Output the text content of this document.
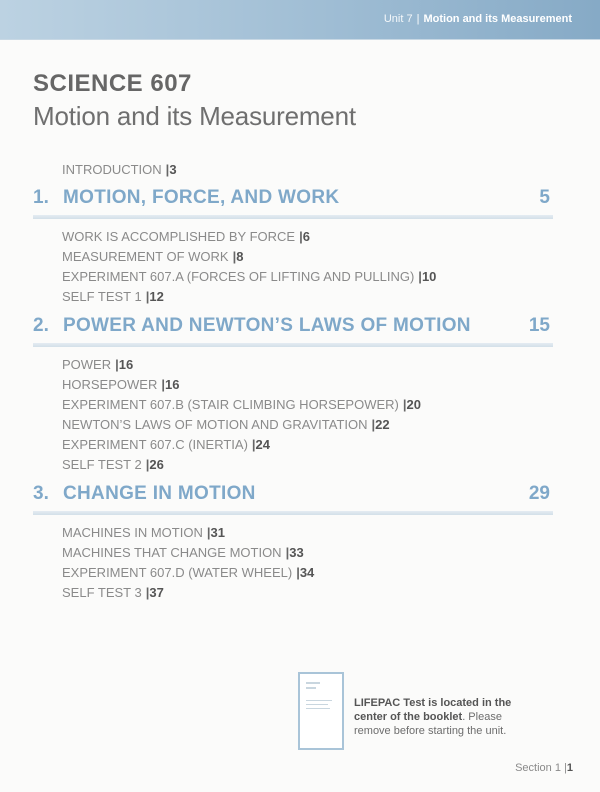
Unit 7 | Motion and its Measurement
SCIENCE 607
Motion and its Measurement
INTRODUCTION |3
1. MOTION, FORCE, AND WORK	5
WORK IS ACCOMPLISHED BY FORCE |6
MEASUREMENT OF WORK |8
EXPERIMENT 607.A (FORCES OF LIFTING AND PULLING) |10
SELF TEST 1 |12
2. POWER AND NEWTON’S LAWS OF MOTION	15
POWER |16
HORSEPOWER |16
EXPERIMENT 607.B (STAIR CLIMBING HORSEPOWER) |20
NEWTON’S LAWS OF MOTION AND GRAVITATION |22
EXPERIMENT 607.C (INERTIA) |24
SELF TEST 2 |26
3. CHANGE IN MOTION	29
MACHINES IN MOTION |31
MACHINES THAT CHANGE MOTION |33
EXPERIMENT 607.D (WATER WHEEL) |34
SELF TEST 3 |37
LIFEPAC Test is located in the center of the booklet. Please remove before starting the unit.
Section 1 |1
